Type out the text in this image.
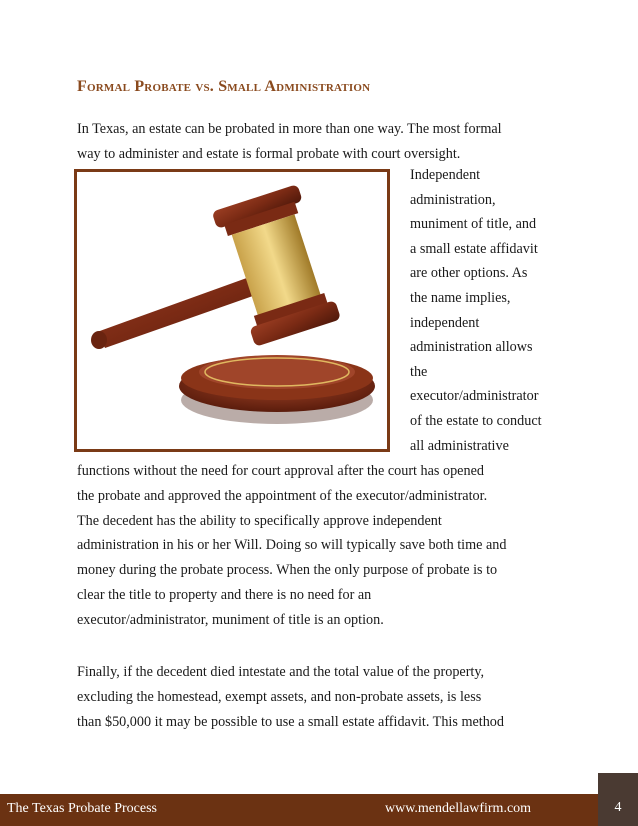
Formal Probate vs. Small Administration
In Texas, an estate can be probated in more than one way. The most formal
way to administer and estate is formal probate with court oversight.
Independent
administration,
muniment of title, and
a small estate affidavit
are other options. As
the name implies,
independent
administration allows
the
executor/administrator
of the estate to conduct
all administrative
functions without the need for court approval after the court has opened
the probate and approved the appointment of the executor/administrator.
The decedent has the ability to specifically approve independent
administration in his or her Will. Doing so will typically save both time and
money during the probate process. When the only purpose of probate is to
clear the title to property and there is no need for an
executor/administrator, muniment of title is an option.
Finally, if the decedent died intestate and the total value of the property,
excluding the homestead, exempt assets, and non-probate assets, is less
than $50,000 it may be possible to use a small estate affidavit. This method
The Texas Probate Process	www.mendellawfirm.com	4
